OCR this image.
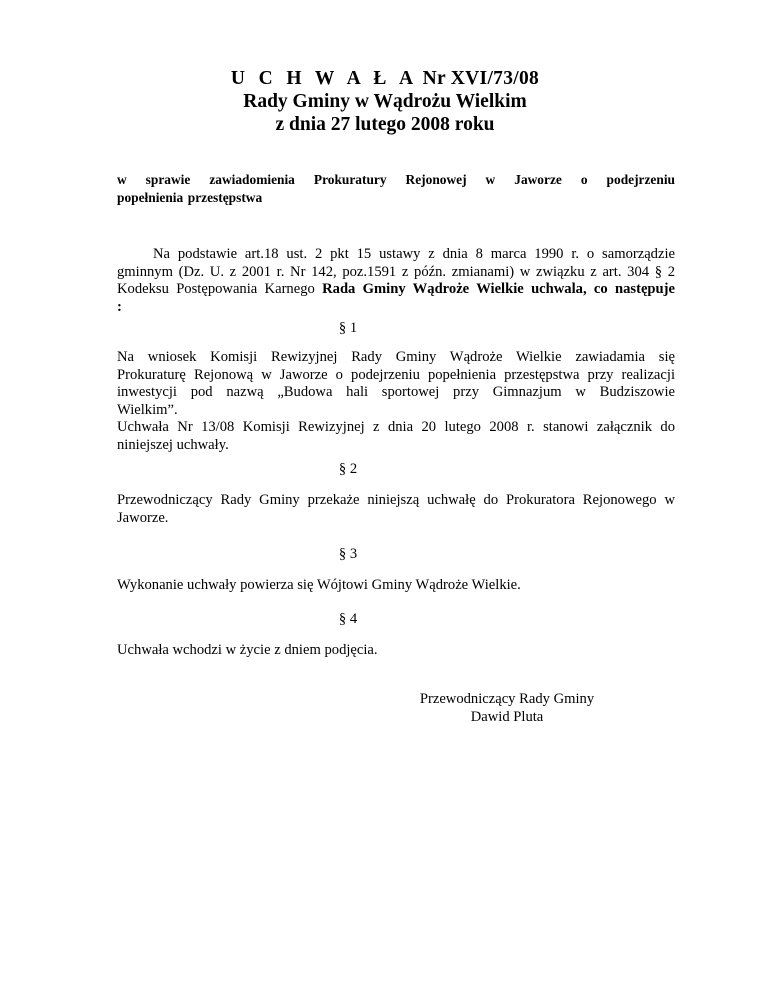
U C H W A Ł A Nr XVI/73/08
Rady Gminy w Wądrożu Wielkim
z dnia 27 lutego 2008 roku
w sprawie zawiadomienia Prokuratury Rejonowej w Jaworze o podejrzeniu
popełnienia przestępstwa
Na podstawie art.18 ust. 2 pkt 15 ustawy z dnia 8 marca 1990 r. o samorządzie
gminnym (Dz. U. z 2001 r. Nr 142, poz.1591 z późn. zmianami) w związku z art. 304 § 2
Kodeksu Postępowania Karnego Rada Gminy Wądroże Wielkie uchwala, co następuje
:
§ 1
Na wniosek Komisji Rewizyjnej Rady Gminy Wądroże Wielkie zawiadamia się
Prokuraturę Rejonową w Jaworze o podejrzeniu popełnienia przestępstwa przy realizacji
inwestycji pod nazwą „Budowa hali sportowej przy Gimnazjum w Budziszowie
Wielkim”.
Uchwała Nr 13/08 Komisji Rewizyjnej z dnia 20 lutego 2008 r. stanowi załącznik do
niniejszej uchwały.
§ 2
Przewodniczący Rady Gminy przekaże niniejszą uchwałę do Prokuratora Rejonowego w
Jaworze.
§ 3
Wykonanie uchwały powierza się Wójtowi Gminy Wądroże Wielkie.
§ 4
Uchwała wchodzi w życie z dniem podjęcia.
Przewodniczący Rady Gminy
Dawid Pluta
